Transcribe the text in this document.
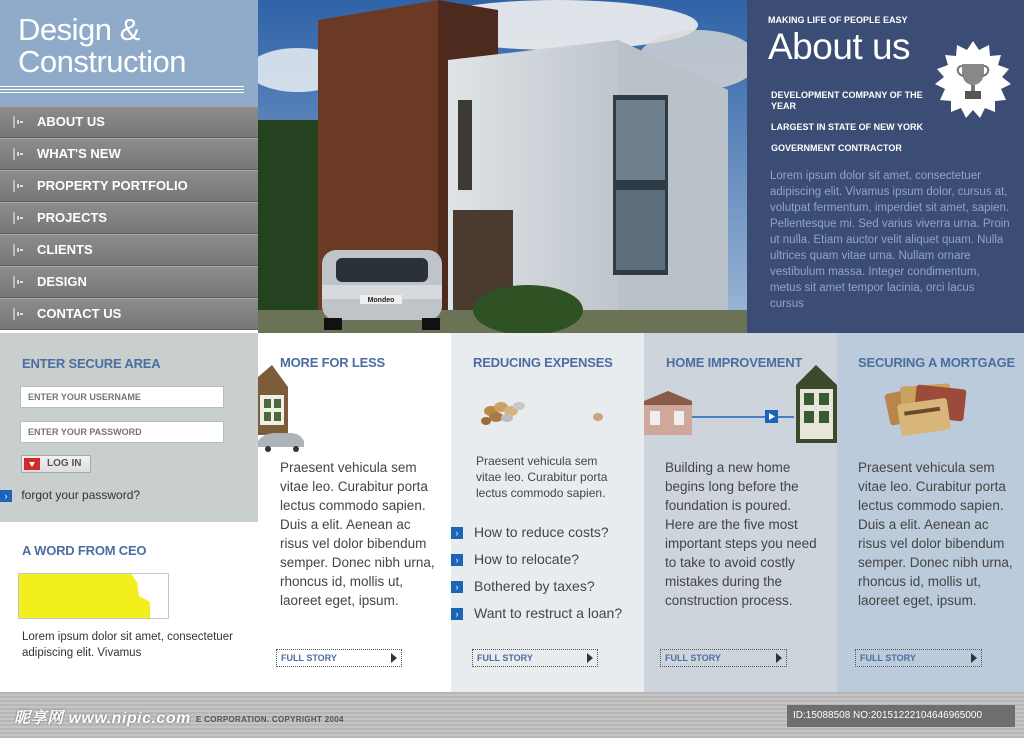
Design &
Construction
ABOUT US
WHAT'S NEW
PROPERTY PORTFOLIO
PROJECTS
CLIENTS
DESIGN
CONTACT US
Mondeo
MAKING LIFE OF PEOPLE EASY
About us
DEVELOPMENT COMPANY OF THE YEAR
LARGEST IN STATE OF NEW YORK
GOVERNMENT CONTRACTOR
Lorem ipsum dolor sit amet, consectetuer adipiscing elit. Vivamus ipsum dolor, cursus at, volutpat fermentum, imperdiet sit amet, sapien. Pellentesque mi. Sed varius viverra urna. Proin ut nulla. Etiam auctor velit aliquet quam. Nulla ultrices quam vitae urna. Nullam ornare vestibulum massa. Integer condimentum, metus sit amet tempor lacinia, orci lacus cursus
ENTER SECURE AREA
ENTER YOUR USERNAME
LOG IN
› forgot your password?
A WORD FROM CEO
Lorem ipsum dolor sit amet, consectetuer adipiscing elit. Vivamus
MORE FOR LESS
Praesent vehicula sem vitae leo. Curabitur porta lectus commodo sapien. Duis a elit. Aenean ac risus vel dolor bibendum semper. Donec nibh urna, rhoncus id, mollis ut, laoreet eget, ipsum.
FULL STORY
REDUCING EXPENSES
Praesent vehicula sem vitae leo. Curabitur porta lectus commodo sapien.
› How to reduce costs?
› How to relocate?
› Bothered by taxes?
› Want to restruct a loan?
FULL STORY
HOME IMPROVEMENT
Building a new home begins long before the foundation is poured. Here are the five most important steps you need to take to avoid costly mistakes during the construction process.
FULL STORY
SECURING A MORTGAGE
Praesent vehicula sem vitae leo. Curabitur porta lectus commodo sapien. Duis a elit. Aenean ac risus vel dolor bibendum semper. Donec nibh urna, rhoncus id, mollis ut, laoreet eget, ipsum.
FULL STORY
昵享网 www.nipic.com E CORPORATION. COPYRIGHT 2004	ID:15088508 NO:20151222104646965000
